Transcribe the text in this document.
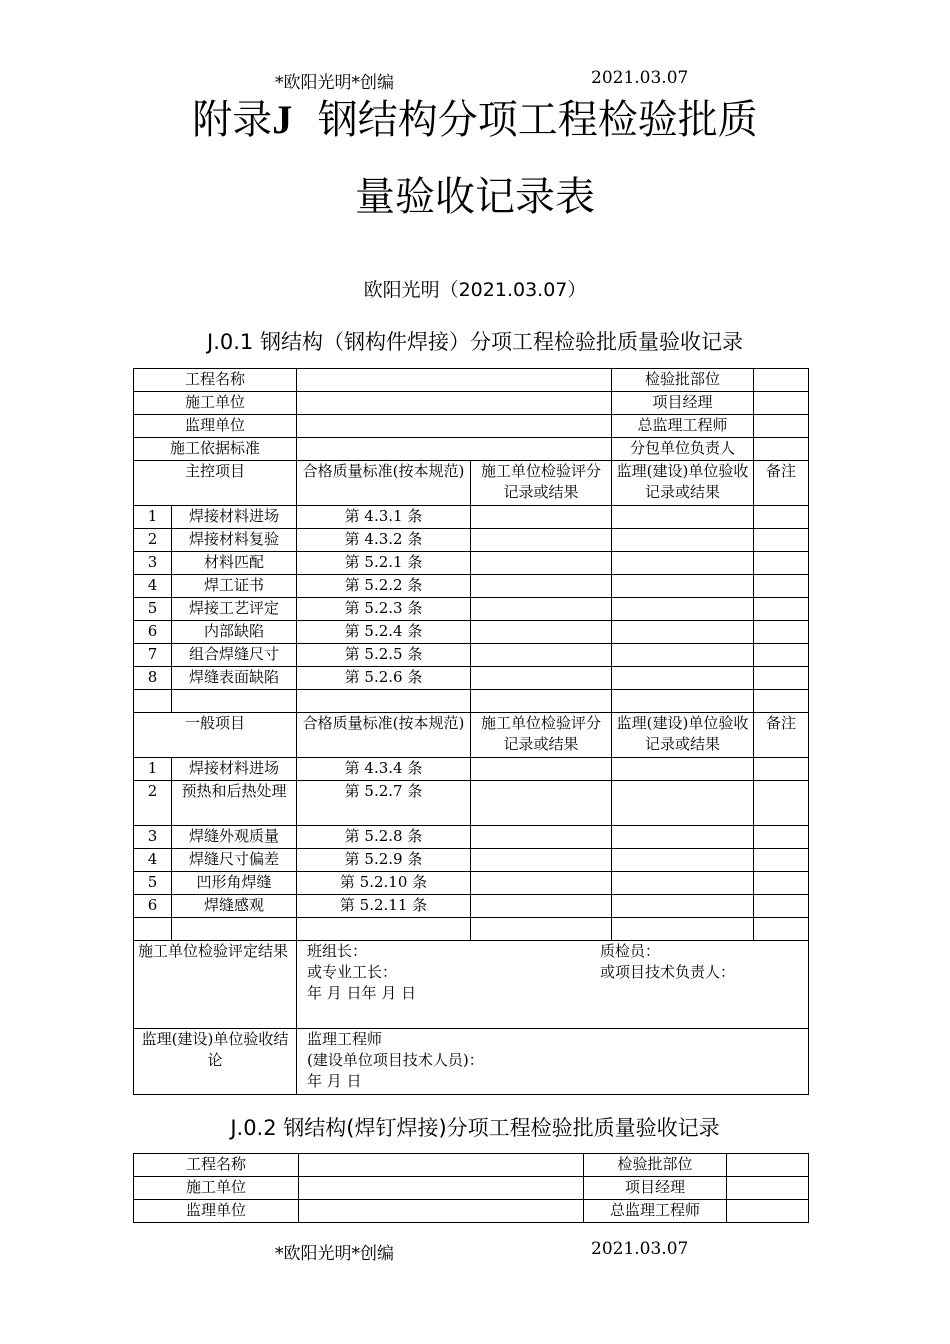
*欧阳光明*创编	2021.03.07
附录J 钢结构分项工程检验批质
量验收记录表
欧阳光明（2021.03.07）
J.0.1 钢结构（钢构件焊接）分项工程检验批质量验收记录
工程名称				检验批部位	
施工单位				项目经理	
监理单位				总监理工程师	
施工依据标准				分包单位负责人	
主控项目		合格质量标准(按本规范)	施工单位检验评分记录或结果	监理(建设)单位验收记录或结果	备注
1	焊接材料进场	第 4.3.1 条			
2	焊接材料复验	第 4.3.2 条			
3	材料匹配	第 5.2.1 条			
4	焊工证书	第 5.2.2 条			
5	焊接工艺评定	第 5.2.3 条			
6	内部缺陷	第 5.2.4 条			
7	组合焊缝尺寸	第 5.2.5 条			
8	焊缝表面缺陷	第 5.2.6 条			

一般项目		合格质量标准(按本规范)	施工单位检验评分记录或结果	监理(建设)单位验收记录或结果	备注
1	焊接材料进场	第 4.3.4 条			
2	预热和后热处理	第 5.2.7 条			
3	焊缝外观质量	第 5.2.8 条			
4	焊缝尺寸偏差	第 5.2.9 条			
5	凹形角焊缝	第 5.2.10 条			
6	焊缝感观	第 5.2.11 条			

施工单位检验评定结果		班组长：
或专业工长：
年 月 日年 月 日
质检员：
或项目技术负责人：			

监理(建设)单位验收结论		监理工程师
(建设单位项目技术人员)：
年 月 日			
J.0.2 钢结构(焊钉焊接)分项工程检验批质量验收记录
工程名称		检验批部位	
施工单位		项目经理	
监理单位		总监理工程师	
*欧阳光明*创编	2021.03.07
